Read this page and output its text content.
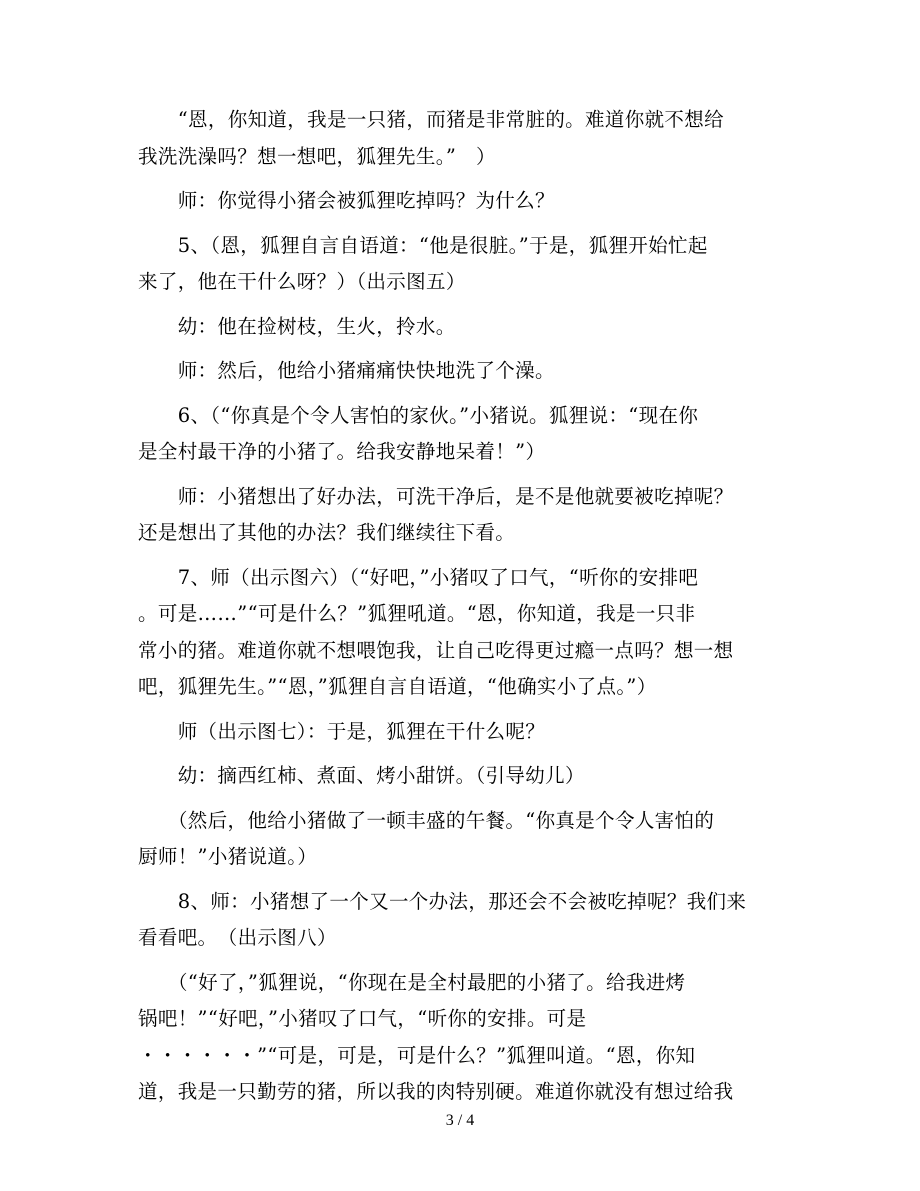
　　“恩，你知道，我是一只猪，而猪是非常脏的。难道你就不想给
我洗洗澡吗？想一想吧，狐狸先生。”　）

　　师：你觉得小猪会被狐狸吃掉吗？为什么？

　　5、（恩，狐狸自言自语道：“他是很脏。”于是，狐狸开始忙起
来了，他在干什么呀？）（出示图五）

　　幼：他在捡树枝，生火，拎水。

　　师：然后，他给小猪痛痛快快地洗了个澡。

　　6、（“你真是个令人害怕的家伙。”小猪说。狐狸说：“现在你
是全村最干净的小猪了。给我安静地呆着！”）

　　师：小猪想出了好办法，可洗干净后，是不是他就要被吃掉呢？
还是想出了其他的办法？我们继续往下看。

　　7、师（出示图六）（“好吧，”小猪叹了口气，“听你的安排吧
。可是……”“可是什么？”狐狸吼道。“恩，你知道，我是一只非
常小的猪。难道你就不想喂饱我，让自己吃得更过瘾一点吗？想一想
吧，狐狸先生。”“恩，”狐狸自言自语道，“他确实小了点。”）

　　师（出示图七）：于是，狐狸在干什么呢？

　　幼：摘西红柿、煮面、烤小甜饼。（引导幼儿）

　　（然后，他给小猪做了一顿丰盛的午餐。“你真是个令人害怕的
厨师！”小猪说道。）

　　8、师：小猪想了一个又一个办法，那还会不会被吃掉呢？我们来
看看吧。　（出示图八）

　　（“好了，”狐狸说，“你现在是全村最肥的小猪了。给我进烤
锅吧！”“好吧，”小猪叹了口气，“听你的安排。可是
・・・・・・”“可是，可是，可是什么？”狐狸叫道。“恩，你知
道，我是一只勤劳的猪，所以我的肉特别硬。难道你就没有想过给我

3 / 4
